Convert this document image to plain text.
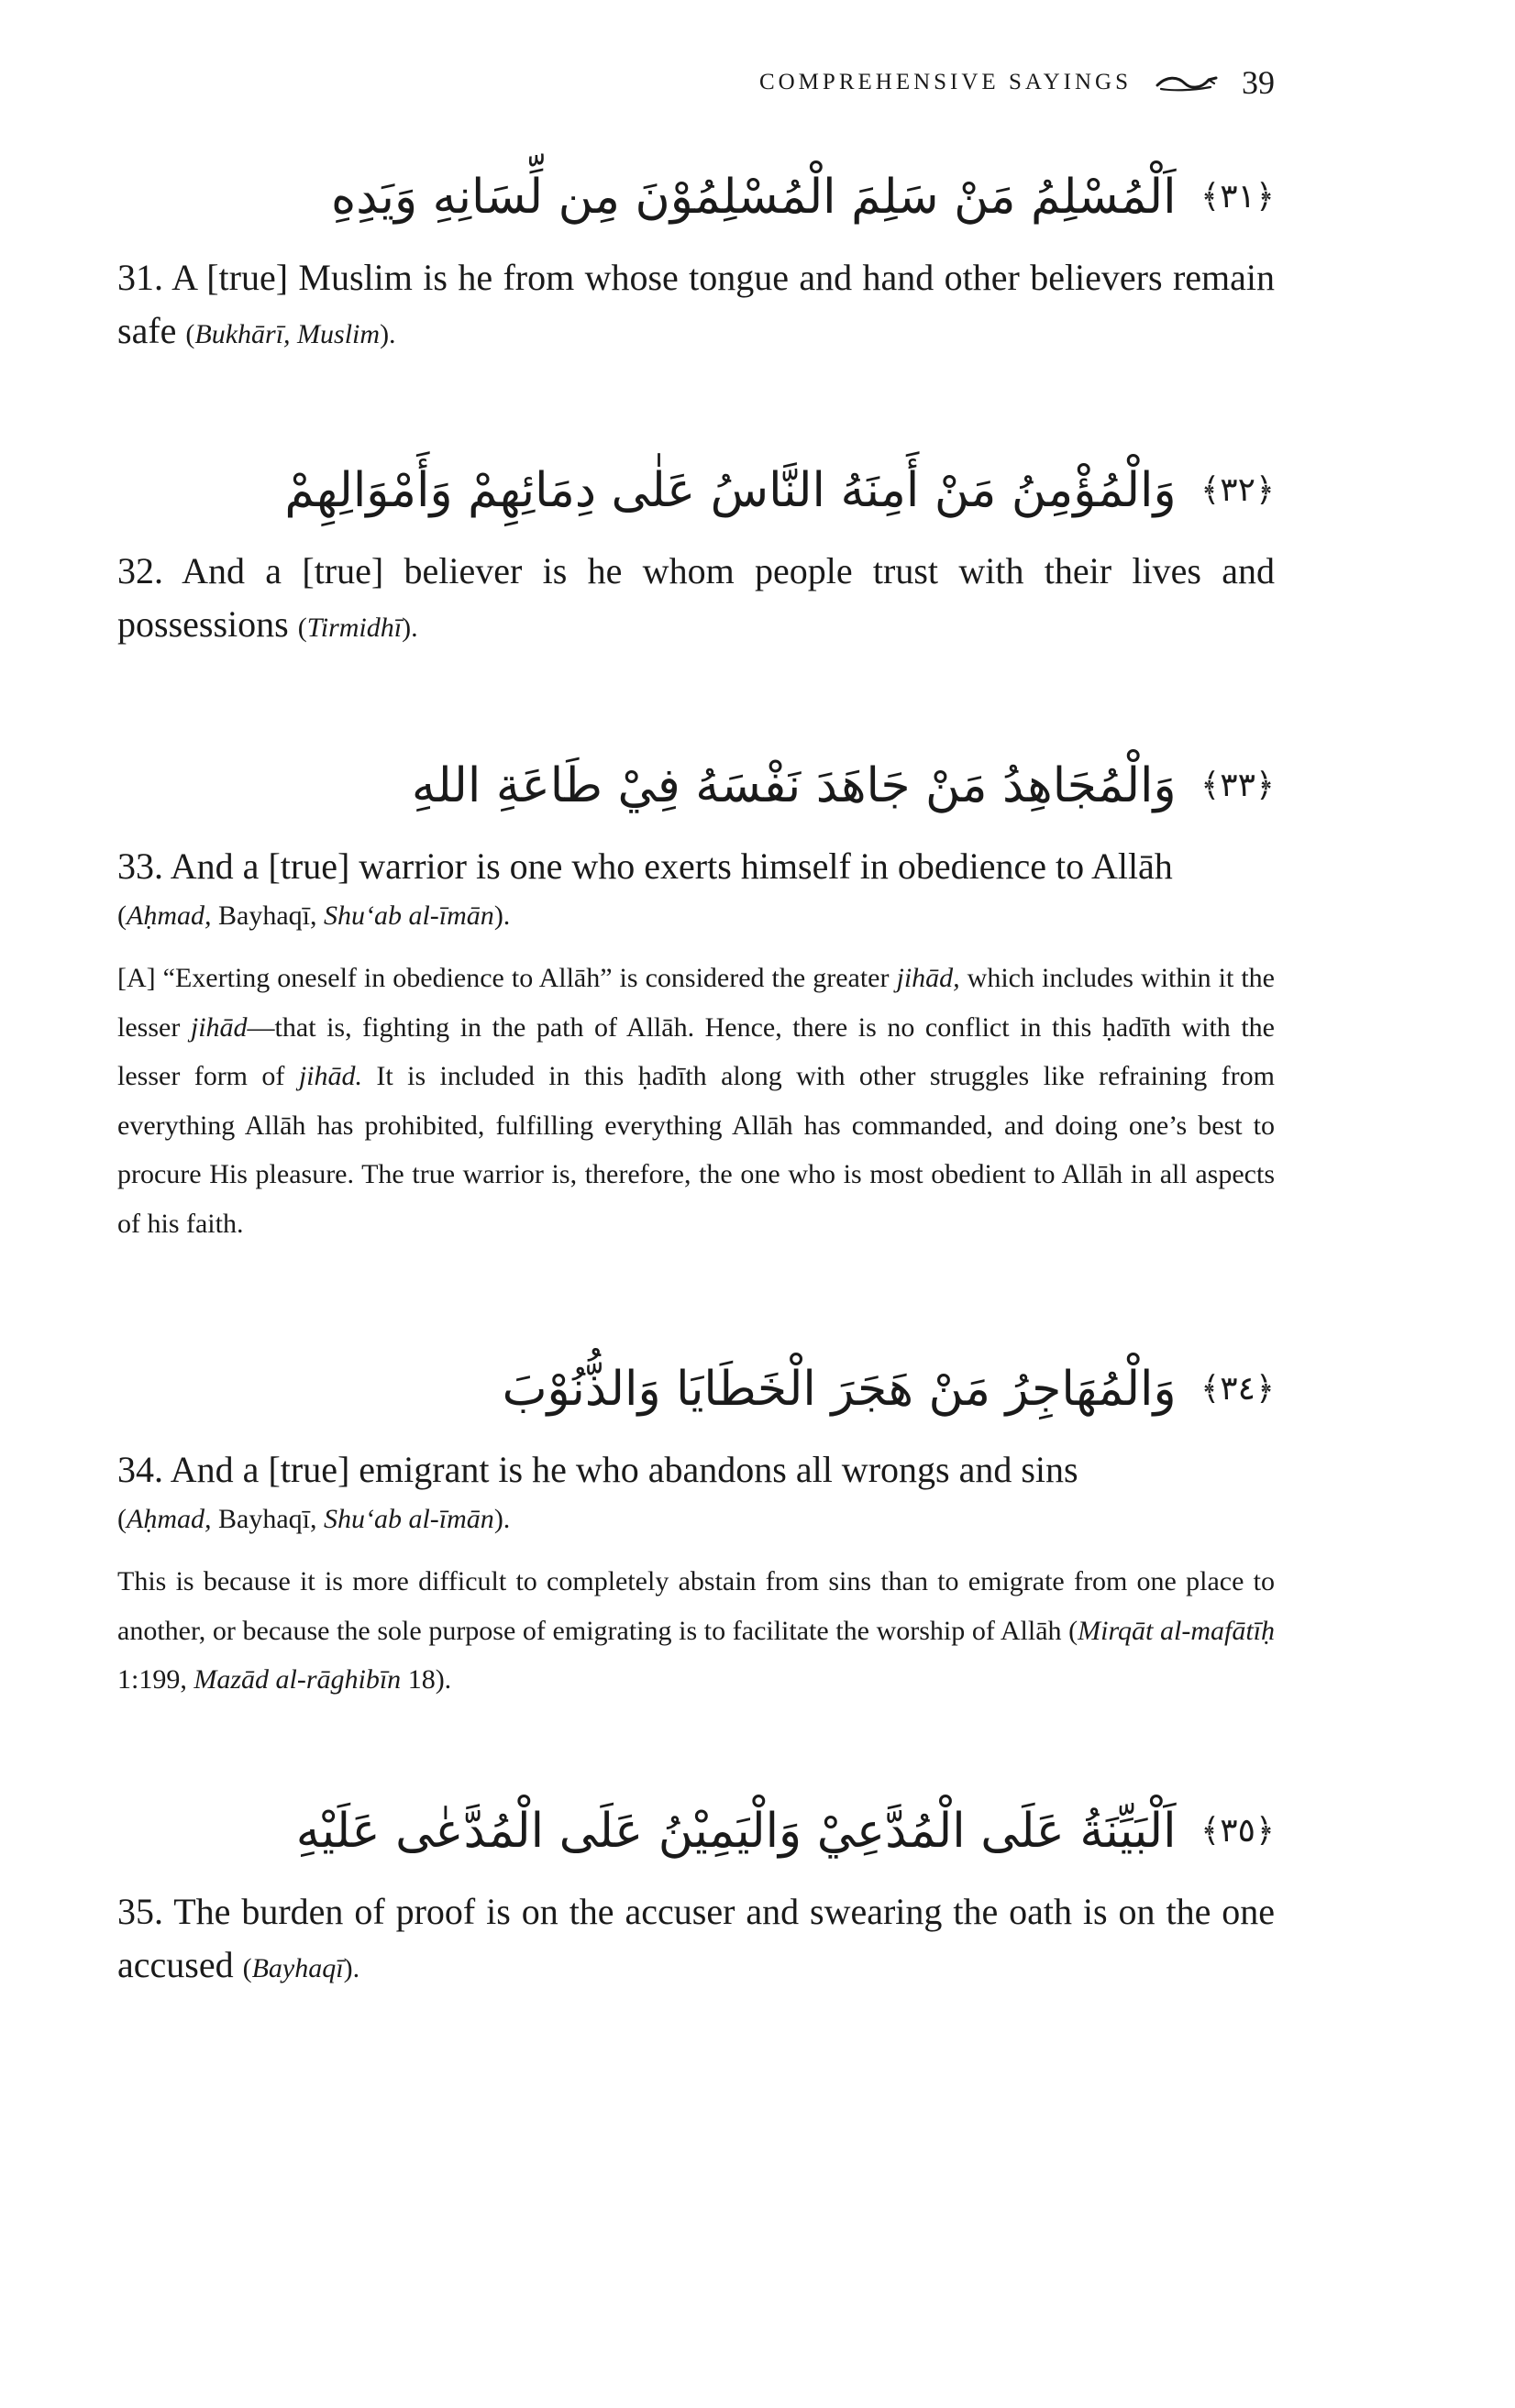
COMPREHENSIVE SAYINGS	39
﴿٣١﴾ اَلْمُسْلِمُ مَنْ سَلِمَ الْمُسْلِمُوْنَ مِن لِّسَانِهِ وَيَدِهِ

31. A [true] Muslim is he from whose tongue and hand other believers remain safe (Bukhārī, Muslim).

﴿٣٢﴾ وَالْمُؤْمِنُ مَنْ أَمِنَهُ النَّاسُ عَلٰى دِمَائِهِمْ وَأَمْوَالِهِمْ

32. And a [true] believer is he whom people trust with their lives and possessions (Tirmidhī).

﴿٣٣﴾ وَالْمُجَاهِدُ مَنْ جَاهَدَ نَفْسَهُ فِيْ طَاعَةِ اللهِ

33. And a [true] warrior is one who exerts himself in obedience to Allāh

(Aḥmad, Bayhaqī, Shu‘ab al-īmān).

[A] “Exerting oneself in obedience to Allāh” is considered the greater jihād, which includes within it the lesser jihād—that is, fighting in the path of Allāh. Hence, there is no conflict in this ḥadīth with the lesser form of jihād. It is included in this ḥadīth along with other struggles like refraining from everything Allāh has prohibited, fulfilling everything Allāh has commanded, and doing one’s best to procure His pleasure. The true warrior is, therefore, the one who is most obedient to Allāh in all aspects of his faith.

﴿٣٤﴾ وَالْمُهَاجِرُ مَنْ هَجَرَ الْخَطَايَا وَالذُّنُوْبَ

34. And a [true] emigrant is he who abandons all wrongs and sins

(Aḥmad, Bayhaqī, Shu‘ab al-īmān).

This is because it is more difficult to completely abstain from sins than to emigrate from one place to another, or because the sole purpose of emigrating is to facilitate the worship of Allāh (Mirqāt al-mafātīḥ 1:199, Mazād al-rāghibīn 18).

﴿٣٥﴾ اَلْبَيِّنَةُ عَلَى الْمُدَّعِيْ وَالْيَمِيْنُ عَلَى الْمُدَّعٰى عَلَيْهِ

35. The burden of proof is on the accuser and swearing the oath is on the one accused (Bayhaqī).
